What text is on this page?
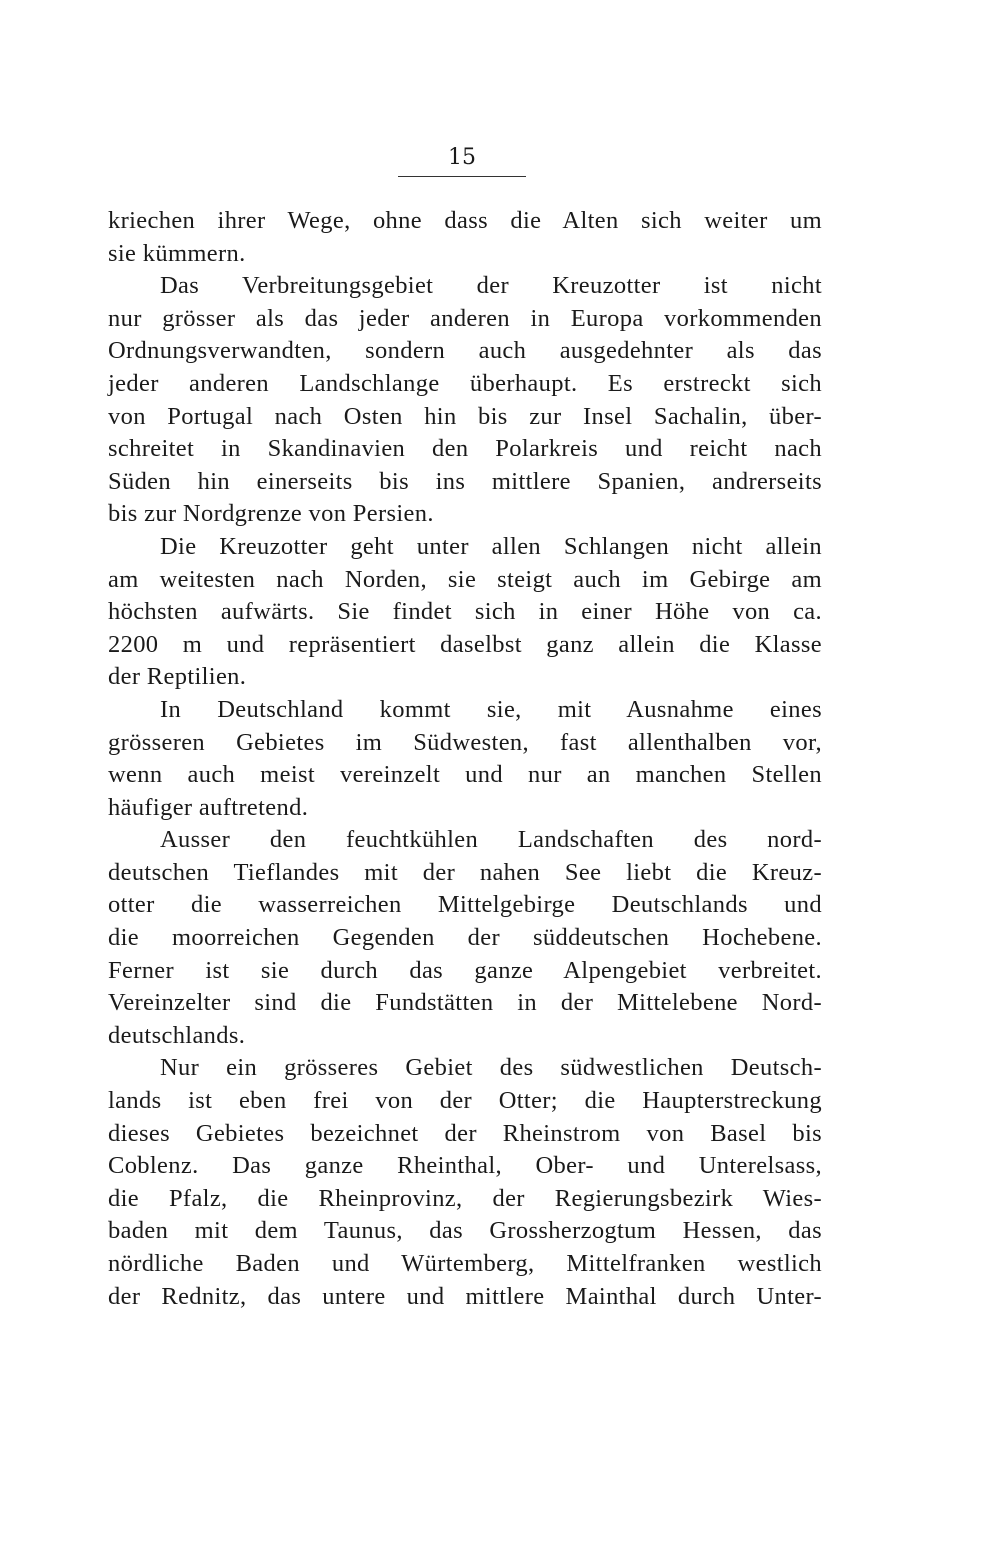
15
kriechen ihrer Wege, ohne dass die Alten sich weiter um
sie kümmern.
Das Verbreitungsgebiet der Kreuzotter ist nicht
nur grösser als das jeder anderen in Europa vorkommenden
Ordnungsverwandten, sondern auch ausgedehnter als das
jeder anderen Landschlange überhaupt. Es erstreckt sich
von Portugal nach Osten hin bis zur Insel Sachalin, über-
schreitet in Skandinavien den Polarkreis und reicht nach
Süden hin einerseits bis ins mittlere Spanien, andrerseits
bis zur Nordgrenze von Persien.
Die Kreuzotter geht unter allen Schlangen nicht allein
am weitesten nach Norden, sie steigt auch im Gebirge am
höchsten aufwärts. Sie findet sich in einer Höhe von ca.
2200 m und repräsentiert daselbst ganz allein die Klasse
der Reptilien.
In Deutschland kommt sie, mit Ausnahme eines
grösseren Gebietes im Südwesten, fast allenthalben vor,
wenn auch meist vereinzelt und nur an manchen Stellen
häufiger auftretend.
Ausser den feuchtkühlen Landschaften des nord-
deutschen Tieflandes mit der nahen See liebt die Kreuz-
otter die wasserreichen Mittelgebirge Deutschlands und
die moorreichen Gegenden der süddeutschen Hochebene.
Ferner ist sie durch das ganze Alpengebiet verbreitet.
Vereinzelter sind die Fundstätten in der Mittelebene Nord-
deutschlands.
Nur ein grösseres Gebiet des südwestlichen Deutsch-
lands ist eben frei von der Otter; die Haupterstreckung
dieses Gebietes bezeichnet der Rheinstrom von Basel bis
Coblenz. Das ganze Rheinthal, Ober- und Unterelsass,
die Pfalz, die Rheinprovinz, der Regierungsbezirk Wies-
baden mit dem Taunus, das Grossherzogtum Hessen, das
nördliche Baden und Würtemberg, Mittelfranken westlich
der Rednitz, das untere und mittlere Mainthal durch Unter-
